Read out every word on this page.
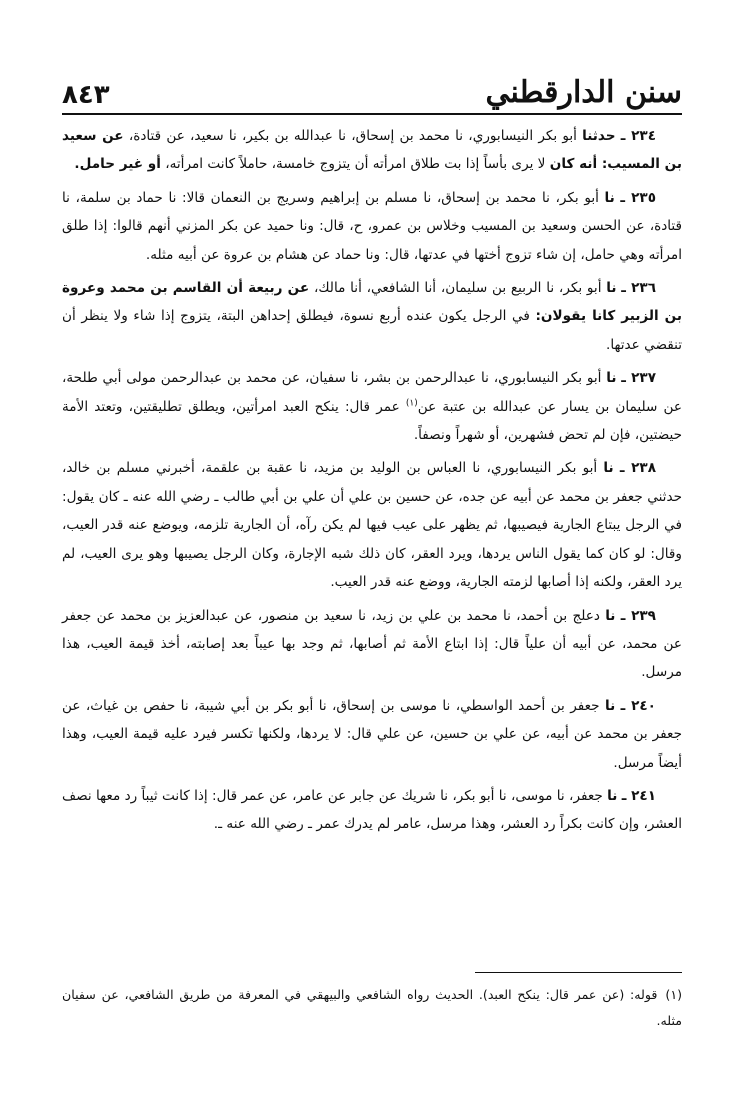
٨٤٣	سنن الدارقطني

٢٣٤ ـ حدثنا أبو بكر النيسابوري، نا محمد بن إسحاق، نا عبدالله بن بكير، نا سعيد، عن قتادة، عن سعيد بن المسيب: أنه كان لا يرى بأساً إذا بت طلاق امرأته أن يتزوج خامسة، حاملاً كانت امرأته، أو غير حامل.

٢٣٥ ـ نا أبو بكر، نا محمد بن إسحاق، نا مسلم بن إبراهيم وسريج بن النعمان قالا: نا حماد بن سلمة، نا قتادة، عن الحسن وسعيد بن المسيب وخلاس بن عمرو، ح، قال: ونا حميد عن بكر المزني أنهم قالوا: إذا طلق امرأته وهي حامل، إن شاء تزوج أختها في عدتها، قال: ونا حماد عن هشام بن عروة عن أبيه مثله.

٢٣٦ ـ نا أبو بكر، نا الربيع بن سليمان، أنا الشافعي، أنا مالك، عن ربيعة أن القاسم بن محمد وعروة بن الزبير كانا يقولان: في الرجل يكون عنده أربع نسوة، فيطلق إحداهن البتة، يتزوج إذا شاء ولا ينظر أن تنقضي عدتها.

٢٣٧ ـ نا أبو بكر النيسابوري، نا عبدالرحمن بن بشر، نا سفيان، عن محمد بن عبدالرحمن مولى أبي طلحة، عن سليمان بن يسار عن عبدالله بن عتبة عن$^{(١)}$ عمر قال: ينكح العبد امرأتين، ويطلق تطليقتين، وتعتد الأمة حيضتين، فإن لم تحض فشهرين، أو شهراً ونصفاً.

٢٣٨ ـ نا أبو بكر النيسابوري، نا العباس بن الوليد بن مزيد، نا عقبة بن علقمة، أخبرني مسلم بن خالد، حدثني جعفر بن محمد عن أبيه عن جده، عن حسين بن علي أن علي بن أبي طالب ـ رضي الله عنه ـ كان يقول: في الرجل يبتاع الجارية فيصيبها، ثم يظهر على عيب فيها لم يكن رآه، أن الجارية تلزمه، ويوضع عنه قدر العيب، وقال: لو كان كما يقول الناس يردها، ويرد العقر، كان ذلك شبه الإجارة، وكان الرجل يصيبها وهو يرى العيب، لم يرد العقر، ولكنه إذا أصابها لزمته الجارية، ووضع عنه قدر العيب.

٢٣٩ ـ نا دعلج بن أحمد، نا محمد بن علي بن زيد، نا سعيد بن منصور، عن عبدالعزيز بن محمد عن جعفر عن محمد، عن أبيه أن علياً قال: إذا ابتاع الأمة ثم أصابها، ثم وجد بها عيباً بعد إصابته، أخذ قيمة العيب، هذا مرسل.

٢٤٠ ـ نا جعفر بن أحمد الواسطي، نا موسى بن إسحاق، نا أبو بكر بن أبي شيبة، نا حفص بن غياث، عن جعفر بن محمد عن أبيه، عن علي بن حسين، عن علي قال: لا يردها، ولكنها تكسر فيرد عليه قيمة العيب، وهذا أيضاً مرسل.

٢٤١ ـ نا جعفر، نا موسى، نا أبو بكر، نا شريك عن جابر عن عامر، عن عمر قال: إذا كانت ثيباً رد معها نصف العشر، وإن كانت بكراً رد العشر، وهذا مرسل، عامر لم يدرك عمر ـ رضي الله عنه ـ.

(١)قوله: (عن عمر قال: ينكح العبد). الحديث رواه الشافعي والبيهقي في المعرفة من طريق الشافعي، عن سفيان مثله.
